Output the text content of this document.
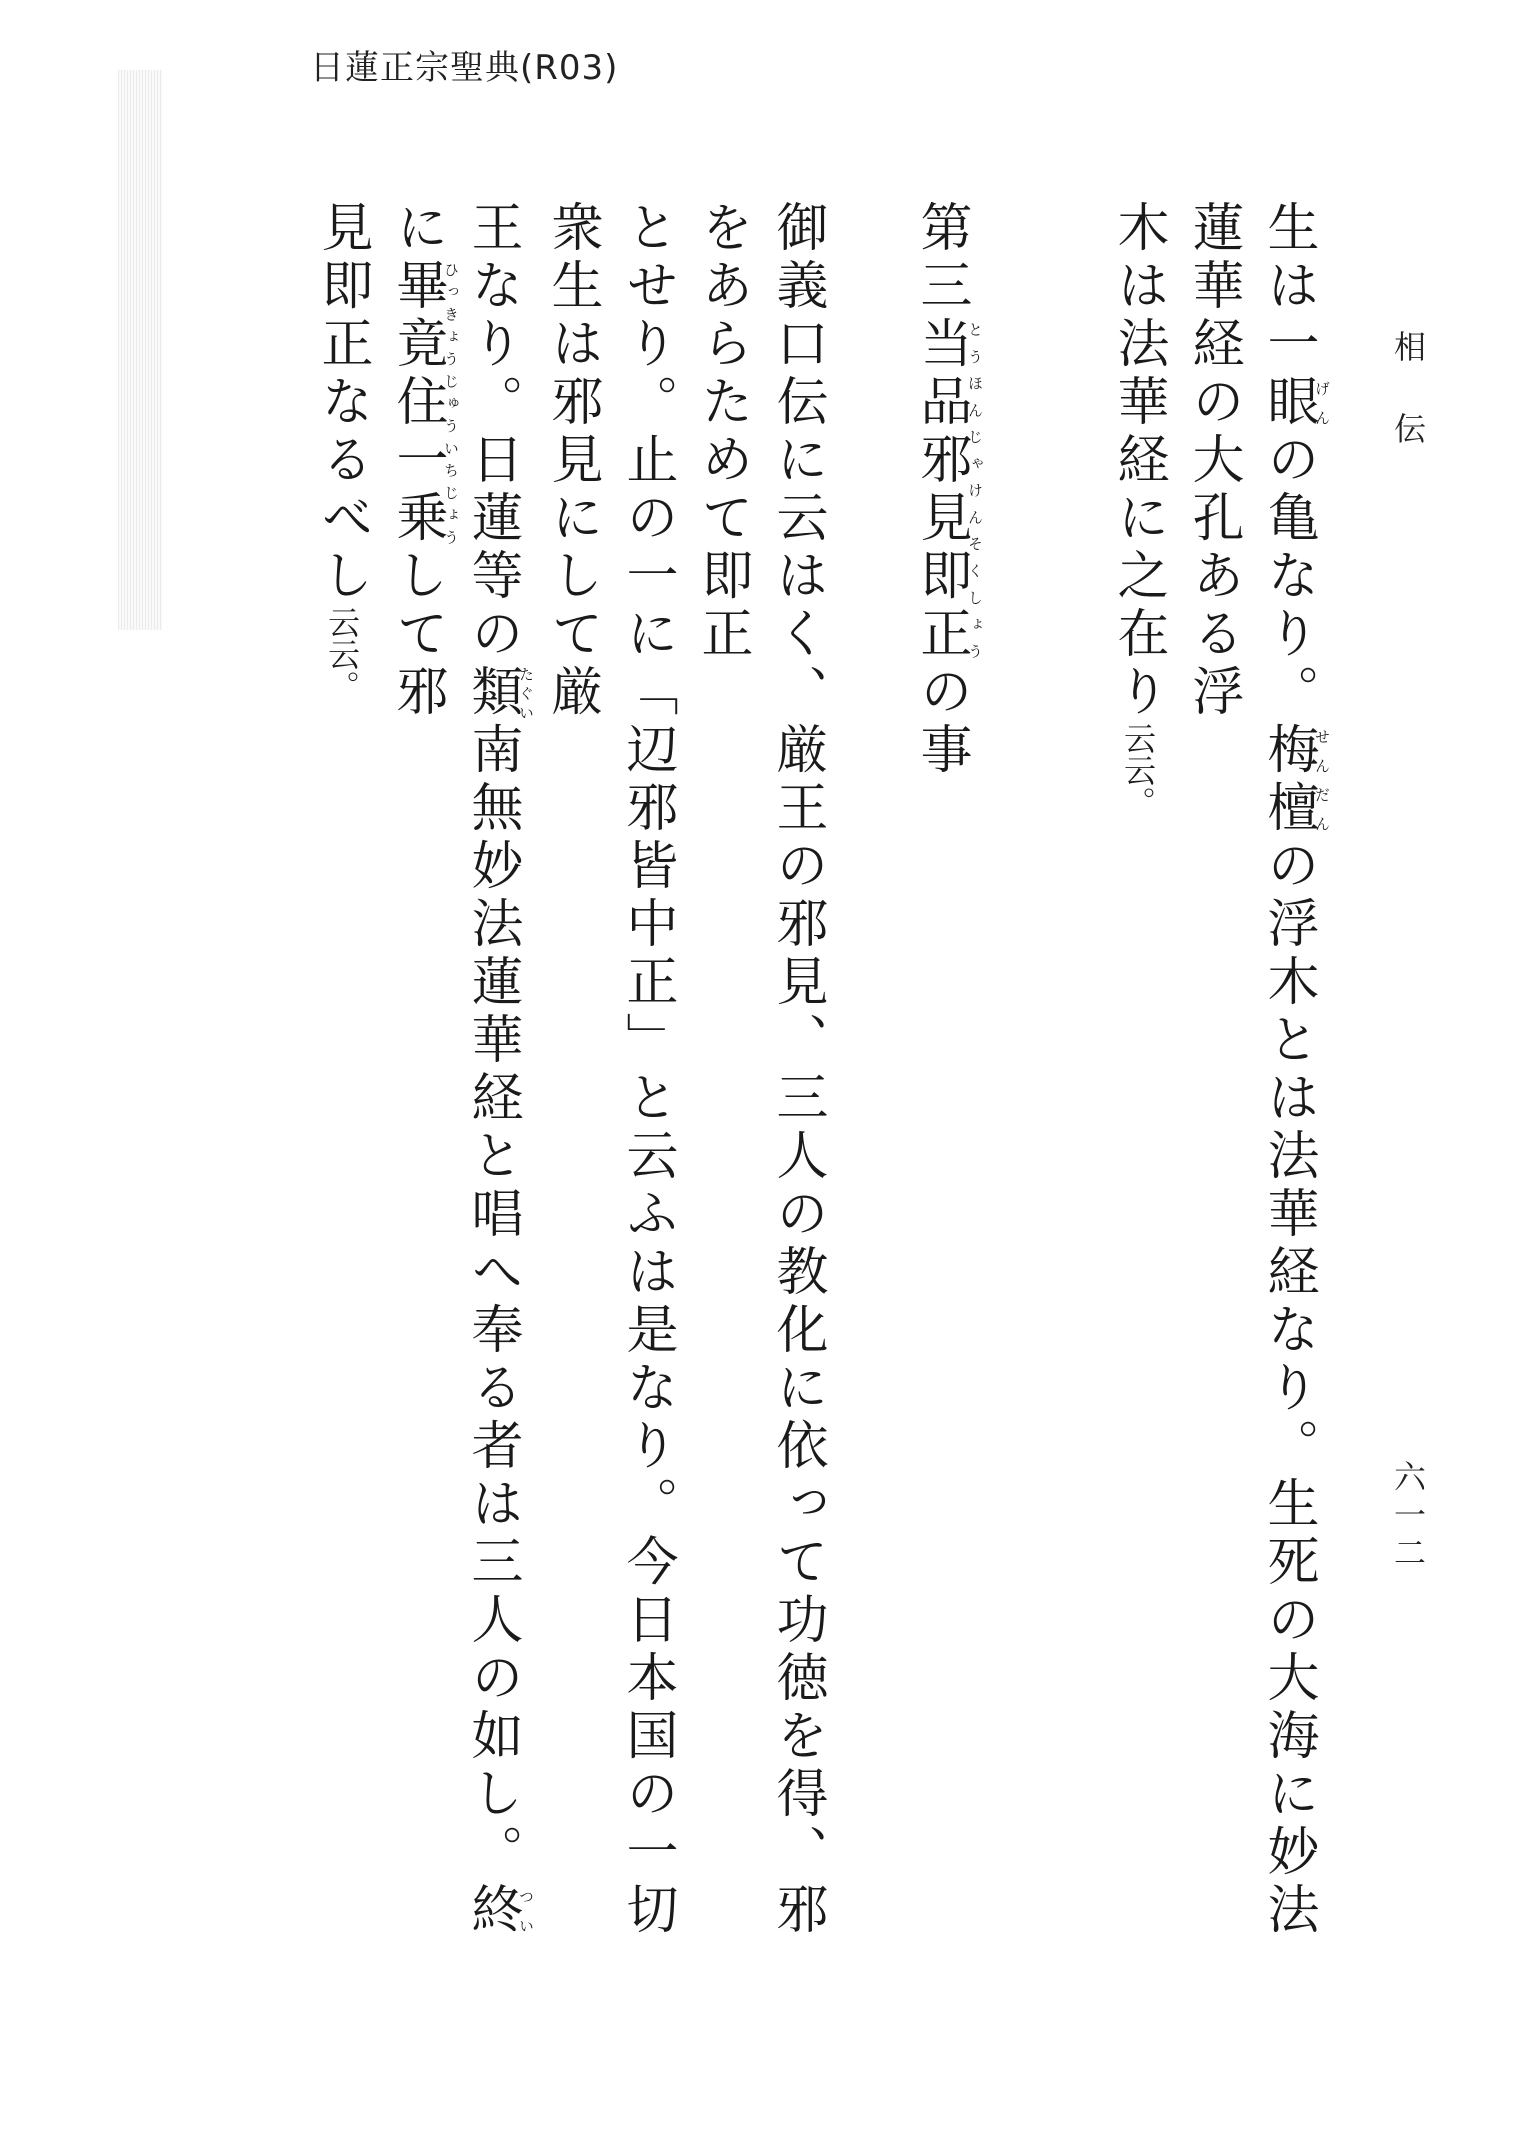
日蓮正宗聖典(R03)
相伝
六一二
生は一眼げんの亀なり。梅檀せんだんの浮木とは法華経なり。生死の大海に妙法蓮華経の大孔ある浮
木は法華経に之在り云云。
第三当品邪見即正とうほんじゃけんそくしょうの事
御義口伝に云はく、厳王の邪見、三人の教化に依って功徳を得、邪をあらためて即正
とせり。止の一に「辺邪皆中正」と云ふは是なり。今日本国の一切衆生は邪見にして厳
王なり。日蓮等の類たぐい南無妙法蓮華経と唱へ奉る者は三人の如し。終ついに畢竟住一乗ひっきょうじゅういちじょうして邪
見即正なるべし云云。
